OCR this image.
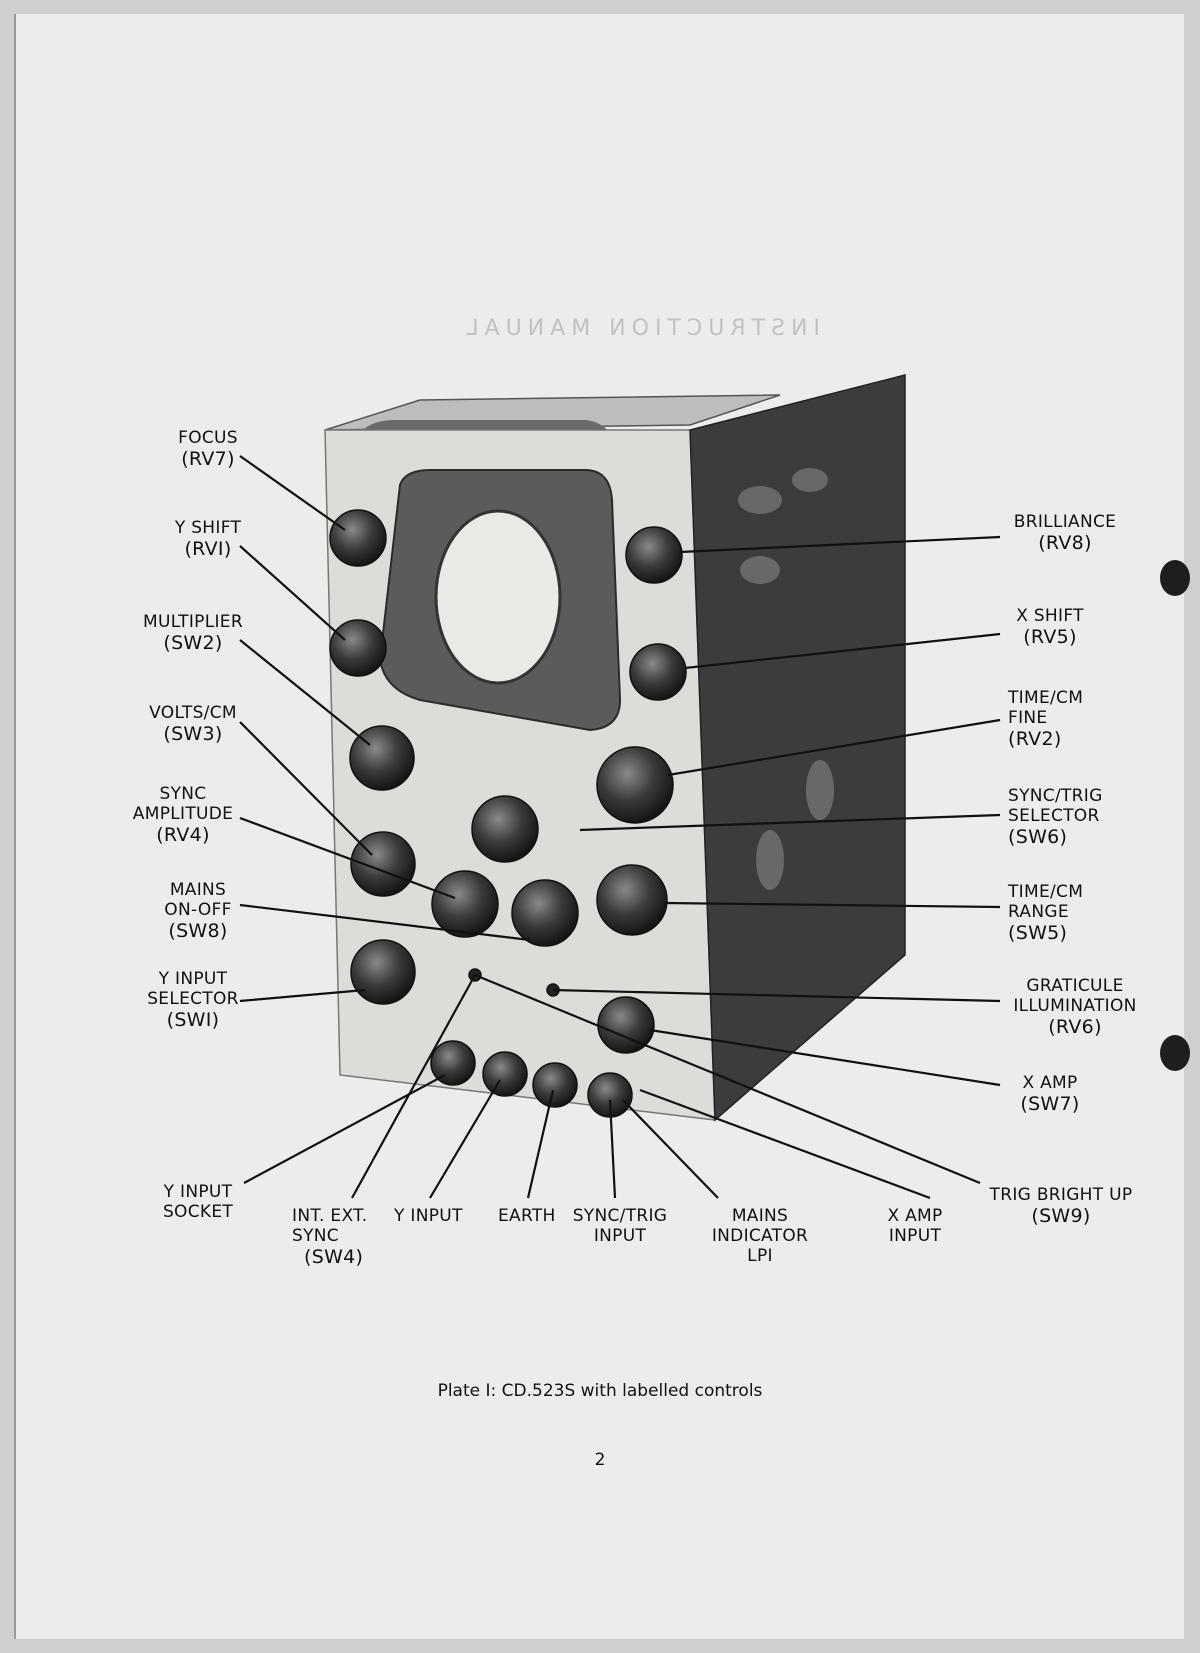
INSTRUCTION MANUAL
FOCUS
(RV7)
Y SHIFT
(RVI)
MULTIPLIER
(SW2)
VOLTS/CM
(SW3)
SYNC
AMPLITUDE
(RV4)
MAINS
ON-OFF
(SW8)
Y INPUT
SELECTOR
(SWI)
Y INPUT
SOCKET
BRILLIANCE
(RV8)
X SHIFT
(RV5)
TIME/CM
FINE
(RV2)
SYNC/TRIG
SELECTOR
(SW6)
TIME/CM
RANGE
(SW5)
GRATICULE
ILLUMINATION
(RV6)
X AMP
(SW7)
TRIG BRIGHT UP
(SW9)
INT. EXT.
SYNC
(SW4)
Y INPUT	EARTH	SYNC/TRIG
INPUT
MAINS
INDICATOR
LPI
X AMP
INPUT
Plate I: CD.523S with labelled controls
2
